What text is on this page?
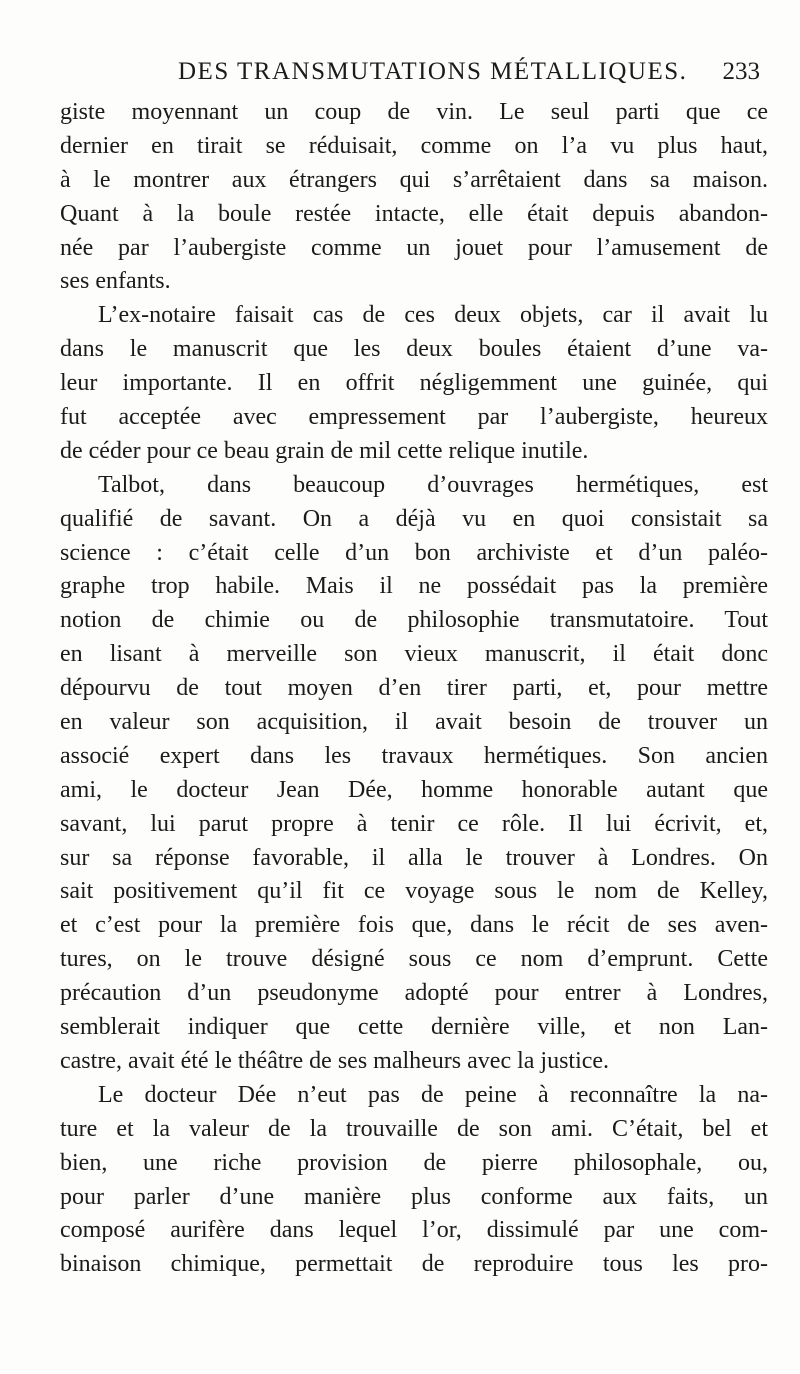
DES TRANSMUTATIONS MÉTALLIQUES. 233
giste moyennant un coup de vin. Le seul parti que ce
dernier en tirait se réduisait, comme on l’a vu plus haut,
à le montrer aux étrangers qui s’arrêtaient dans sa maison.
Quant à la boule restée intacte, elle était depuis abandon-
née par l’aubergiste comme un jouet pour l’amusement de
ses enfants.
L’ex-notaire faisait cas de ces deux objets, car il avait lu
dans le manuscrit que les deux boules étaient d’une va-
leur importante. Il en offrit négligemment une guinée, qui
fut acceptée avec empressement par l’aubergiste, heureux
de céder pour ce beau grain de mil cette relique inutile.
Talbot, dans beaucoup d’ouvrages hermétiques, est
qualifié de savant. On a déjà vu en quoi consistait sa
science : c’était celle d’un bon archiviste et d’un paléo-
graphe trop habile. Mais il ne possédait pas la première
notion de chimie ou de philosophie transmutatoire. Tout
en lisant à merveille son vieux manuscrit, il était donc
dépourvu de tout moyen d’en tirer parti, et, pour mettre
en valeur son acquisition, il avait besoin de trouver un
associé expert dans les travaux hermétiques. Son ancien
ami, le docteur Jean Dée, homme honorable autant que
savant, lui parut propre à tenir ce rôle. Il lui écrivit, et,
sur sa réponse favorable, il alla le trouver à Londres. On
sait positivement qu’il fit ce voyage sous le nom de Kelley,
et c’est pour la première fois que, dans le récit de ses aven-
tures, on le trouve désigné sous ce nom d’emprunt. Cette
précaution d’un pseudonyme adopté pour entrer à Londres,
semblerait indiquer que cette dernière ville, et non Lan-
castre, avait été le théâtre de ses malheurs avec la justice.
Le docteur Dée n’eut pas de peine à reconnaître la na-
ture et la valeur de la trouvaille de son ami. C’était, bel et
bien, une riche provision de pierre philosophale, ou,
pour parler d’une manière plus conforme aux faits, un
composé aurifère dans lequel l’or, dissimulé par une com-
binaison chimique, permettait de reproduire tous les pro-
